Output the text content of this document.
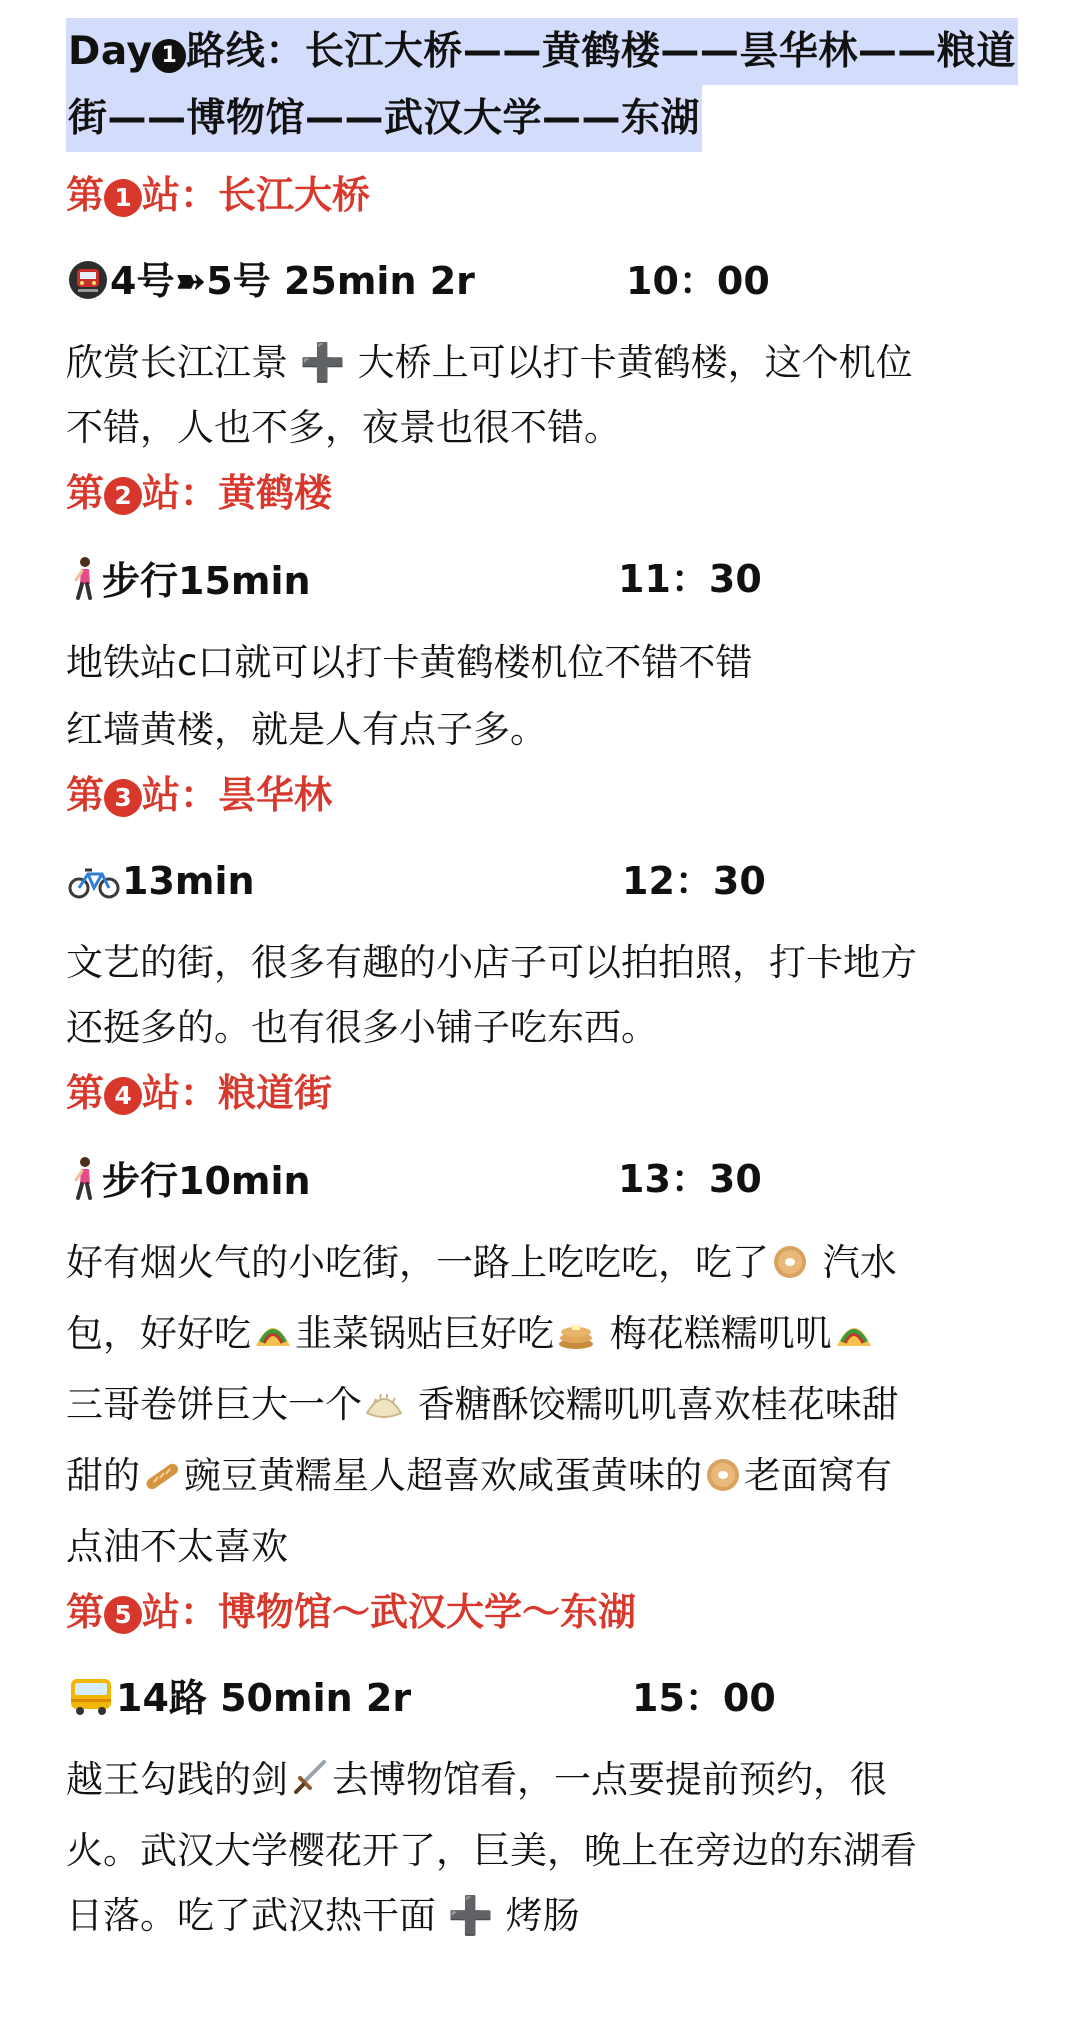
Day 1 路线：长江大桥——黄鹤楼——昙华林——粮道
街——博物馆——武汉大学——东湖
第 1 站：长江大桥
4号➽5号 25min 2r	10：00
欣赏长江江景 ➕ 大桥上可以打卡黄鹤楼，这个机位
不错，人也不多，夜景也很不错。
第 2 站：黄鹤楼
步行15min	11：30
地铁站c口就可以打卡黄鹤楼机位不错不错
红墙黄楼，就是人有点子多。
第 3 站：昙华林
13min	12：30
文艺的街，很多有趣的小店子可以拍拍照，打卡地方
还挺多的。也有很多小铺子吃东西。
第 4 站：粮道街
步行10min	13：30
好有烟火气的小吃街，一路上吃吃吃，吃了 汽水
包，好好吃 韭菜锅贴巨好吃 梅花糕糯叽叽
三哥卷饼巨大一个 香糖酥饺糯叽叽喜欢桂花味甜
甜的 豌豆黄糯星人超喜欢咸蛋黄味的 老面窝有
点油不太喜欢
第 5 站：博物馆～武汉大学～东湖
14路 50min 2r	15：00
越王勾践的剑 去博物馆看，一点要提前预约，很
火。武汉大学樱花开了，巨美，晚上在旁边的东湖看
日落。吃了武汉热干面 ➕ 烤肠
